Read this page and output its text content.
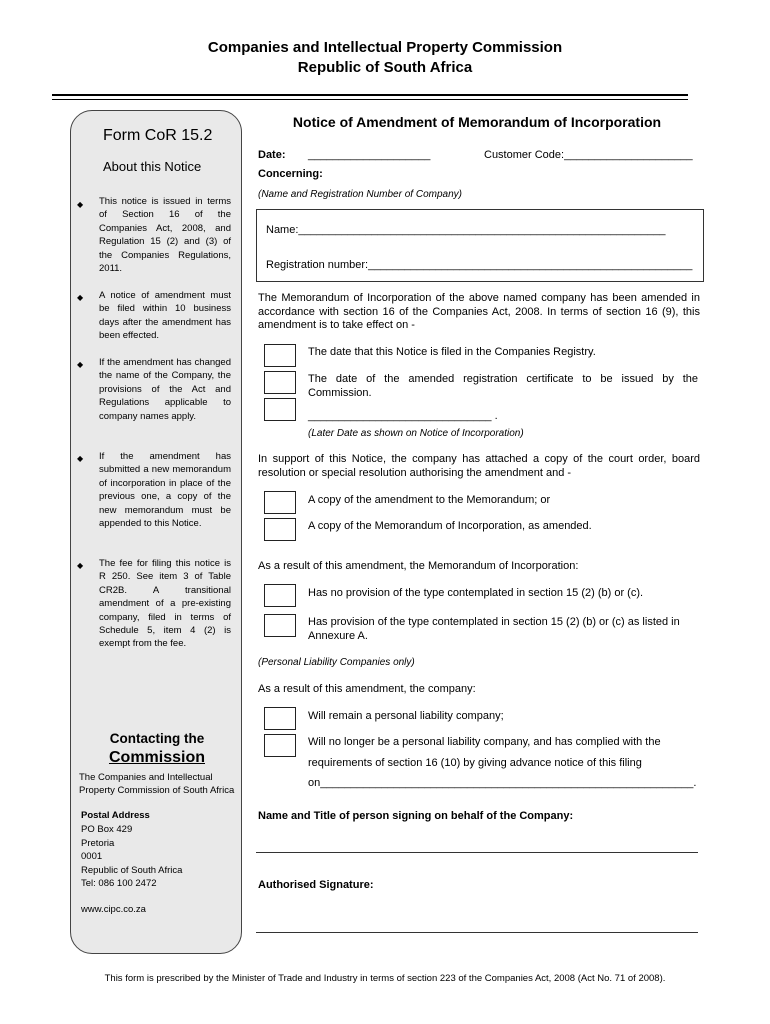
Companies and Intellectual Property Commission
Republic of South Africa
Form CoR 15.2
About this Notice
◆ This notice is issued in terms of Section 16 of the Companies Act, 2008, and Regulation 15 (2) and (3) of the Companies Regulations, 2011.
◆ A notice of amendment must be filed within 10 business days after the amendment has been effected.
◆ If the amendment has changed the name of the Company, the provisions of the Act and Regulations applicable to company names apply.
◆ If the amendment has submitted a new memorandum of incorporation in place of the previous one, a copy of the new memorandum must be appended to this Notice.
◆ The fee for filing this notice is R 250. See item 3 of Table CR2B. A transitional amendment of a pre-existing company, filed in terms of Schedule 5, item 4 (2) is exempt from the fee.
Contacting the
Commission
The Companies and Intellectual Property Commission of South Africa
Postal Address
PO Box 429
Pretoria
0001
Republic of South Africa
Tel: 086 100 2472
www.cipc.co.za
Notice of Amendment of Memorandum of Incorporation
Date: ____________________	Customer Code:_____________________
Concerning:
(Name and Registration Number of Company)
Name:____________________________________________________________
Registration number:_____________________________________________________
The Memorandum of Incorporation of the above named company has been amended in accordance with section 16 of the Companies Act, 2008. In terms of section 16 (9), this amendment is to take effect on -
The date that this Notice is filed in the Companies Registry.
The date of the amended registration certificate to be issued by the Commission.
______________________________ .
(Later Date as shown on Notice of Incorporation)
In support of this Notice, the company has attached a copy of the court order, board resolution or special resolution authorising the amendment and -
A copy of the amendment to the Memorandum; or
A copy of the Memorandum of Incorporation, as amended.
As a result of this amendment, the Memorandum of Incorporation:
Has no provision of the type contemplated in section 15 (2) (b) or (c).
Has provision of the type contemplated in section 15 (2) (b) or (c) as listed in Annexure A.
(Personal Liability Companies only)
As a result of this amendment, the company:
Will remain a personal liability company;
Will no longer be a personal liability company, and has complied with the
requirements of section 16 (10) by giving advance notice of this filing
on_____________________________________________________________.
Name and Title of person signing on behalf of the Company:
Authorised Signature:
This form is prescribed by the Minister of Trade and Industry in terms of section 223 of the Companies Act, 2008 (Act No. 71 of 2008).
